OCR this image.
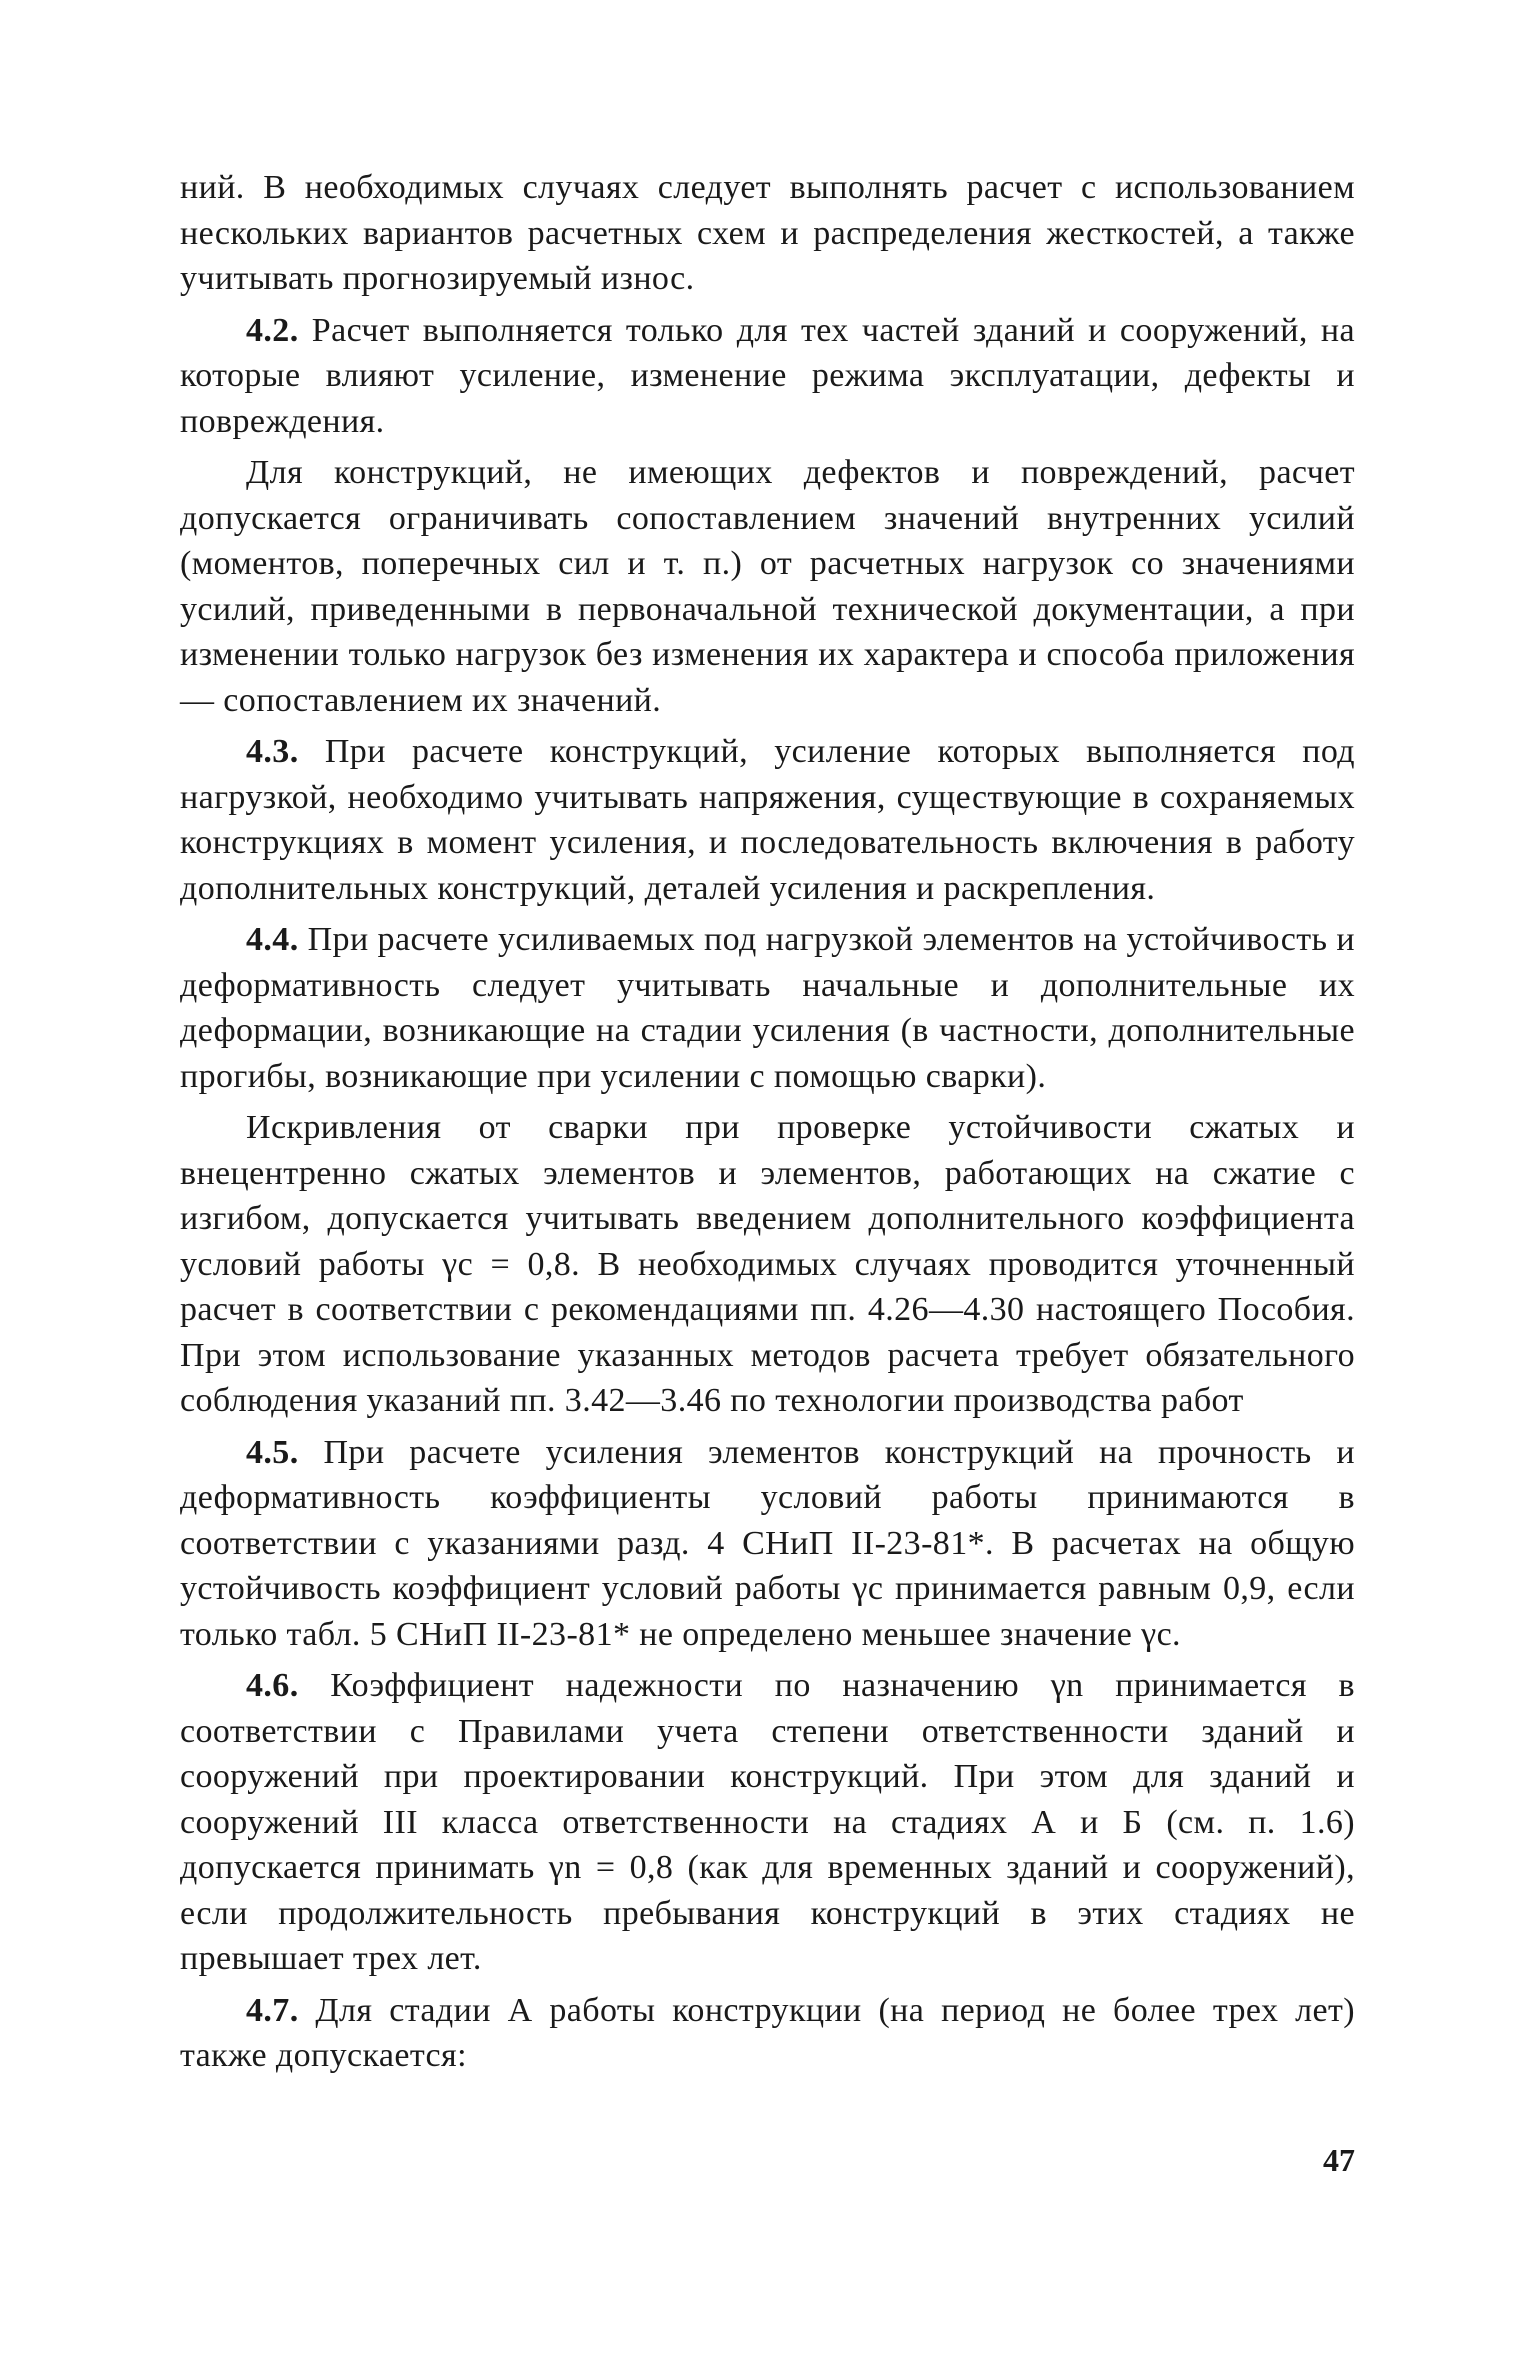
ний. В необходимых случаях следует выполнять расчет с использованием нескольких вариантов расчетных схем и распределения жесткостей, а также учитывать прогнозируемый износ.

4.2. Расчет выполняется только для тех частей зданий и сооружений, на которые влияют усиление, изменение режима эксплуатации, дефекты и повреждения.

Для конструкций, не имеющих дефектов и повреждений, расчет допускается ограничивать сопоставлением значений внутренних усилий (моментов, поперечных сил и т. п.) от расчетных нагрузок со значениями усилий, приведенными в первоначальной технической документации, а при изменении только нагрузок без изменения их характера и способа приложения — сопоставлением их значений.

4.3. При расчете конструкций, усиление которых выполняется под нагрузкой, необходимо учитывать напряжения, существующие в сохраняемых конструкциях в момент усиления, и последовательность включения в работу дополнительных конструкций, деталей усиления и раскрепления.

4.4. При расчете усиливаемых под нагрузкой элементов на устойчивость и деформативность следует учитывать начальные и дополнительные их деформации, возникающие на стадии усиления (в частности, дополнительные прогибы, возникающие при усилении с помощью сварки).

Искривления от сварки при проверке устойчивости сжатых и внецентренно сжатых элементов и элементов, работающих на сжатие с изгибом, допускается учитывать введением дополнительного коэффициента условий работы γc = 0,8. В необходимых случаях проводится уточненный расчет в соответствии с рекомендациями пп. 4.26—4.30 настоящего Пособия. При этом использование указанных методов расчета требует обязательного соблюдения указаний пп. 3.42—3.46 по технологии производства работ

4.5. При расчете усиления элементов конструкций на прочность и деформативность коэффициенты условий работы принимаются в соответствии с указаниями разд. 4 СНиП II-23-81*. В расчетах на общую устойчивость коэффициент условий работы γc принимается равным 0,9, если только табл. 5 СНиП II-23-81* не определено меньшее значение γc.

4.6. Коэффициент надежности по назначению γn принимается в соответствии с Правилами учета степени ответственности зданий и сооружений при проектировании конструкций. При этом для зданий и сооружений III класса ответственности на стадиях А и Б (см. п. 1.6) допускается принимать γn = 0,8 (как для временных зданий и сооружений), если продолжительность пребывания конструкций в этих стадиях не превышает трех лет.

4.7. Для стадии А работы конструкции (на период не более трех лет) также допускается:

47
